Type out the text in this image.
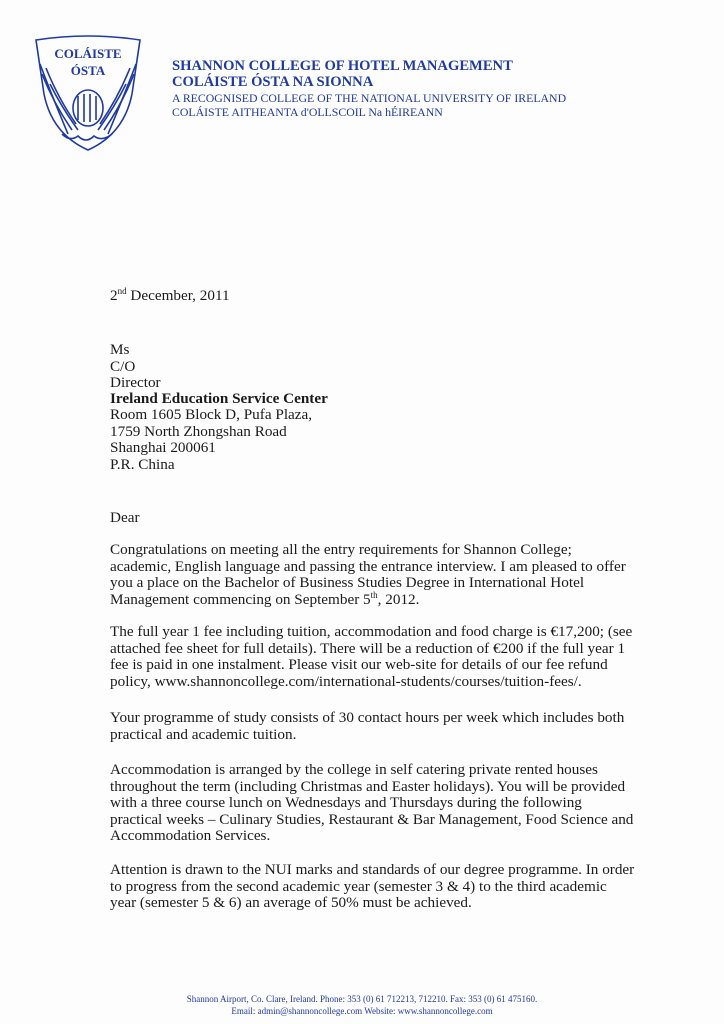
COLÁISTE
ÓSTA	SHANNON COLLEGE OF HOTEL MANAGEMENT
COLÁISTE ÓSTA NA SIONNA
A RECOGNISED COLLEGE OF THE NATIONAL UNIVERSITY OF IRELAND
COLÁISTE AITHEANTA d'OLLSCOIL Na hÉIREANN
2nd December, 2011
Ms
C/O
Director
Ireland Education Service Center
Room 1605 Block D, Pufa Plaza,
1759 North Zhongshan Road
Shanghai 200061
P.R. China
Dear
Congratulations on meeting all the entry requirements for Shannon College;
academic, English language and passing the entrance interview. I am pleased to offer
you a place on the Bachelor of Business Studies Degree in International Hotel
Management commencing on September 5th, 2012.
The full year 1 fee including tuition, accommodation and food charge is €17,200; (see
attached fee sheet for full details). There will be a reduction of €200 if the full year 1
fee is paid in one instalment. Please visit our web-site for details of our fee refund
policy, www.shannoncollege.com/international-students/courses/tuition-fees/.
Your programme of study consists of 30 contact hours per week which includes both
practical and academic tuition.
Accommodation is arranged by the college in self catering private rented houses
throughout the term (including Christmas and Easter holidays). You will be provided
with a three course lunch on Wednesdays and Thursdays during the following
practical weeks – Culinary Studies, Restaurant & Bar Management, Food Science and
Accommodation Services.
Attention is drawn to the NUI marks and standards of our degree programme. In order
to progress from the second academic year (semester 3 & 4) to the third academic
year (semester 5 & 6) an average of 50% must be achieved.
Shannon Airport, Co. Clare, Ireland. Phone: 353 (0) 61 712213, 712210. Fax: 353 (0) 61 475160.
Email: admin@shannoncollege.com Website: www.shannoncollege.com
